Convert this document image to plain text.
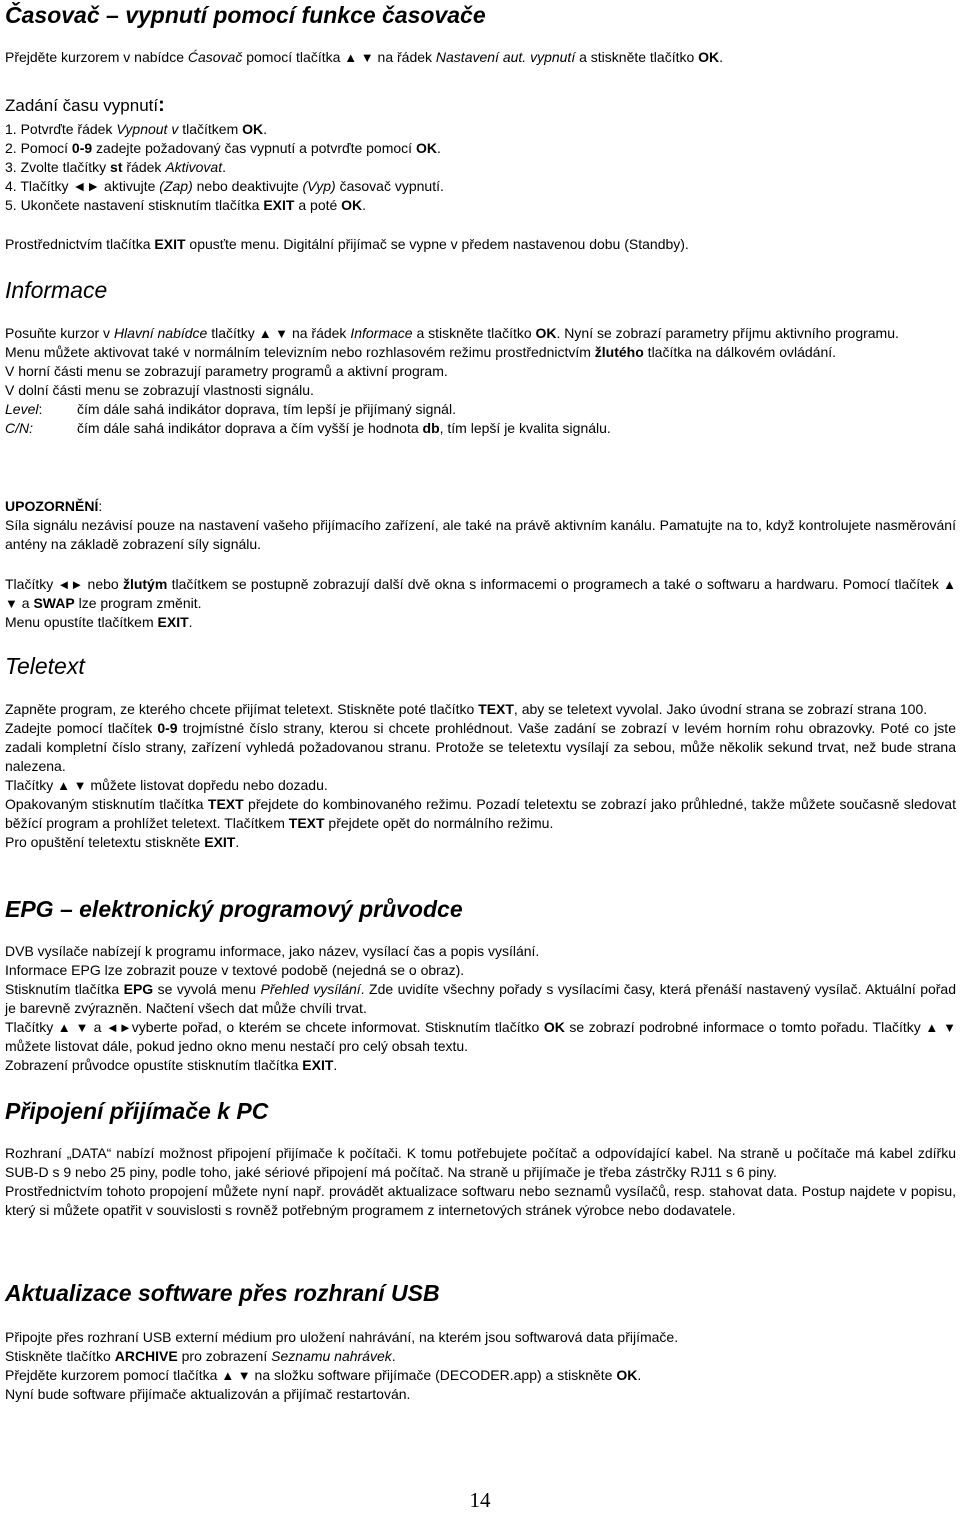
Časovač – vypnutí pomocí funkce časovače
Přejděte kurzorem v nabídce Ćasovač pomocí tlačítka ▲ ▼ na řádek Nastavení aut. vypnutí a stiskněte tlačítko OK.
Zadání času vypnutí:
1. Potvrďte řádek Vypnout v tlačítkem OK.
2. Pomocí 0-9 zadejte požadovaný čas vypnutí a potvrďte pomocí OK.
3. Zvolte tlačítky st řádek Aktivovat.
4. Tlačítky ◄► aktivujte (Zap) nebo deaktivujte (Vyp) časovač vypnutí.
5. Ukončete nastavení stisknutím tlačítka EXIT a poté OK.
Prostřednictvím tlačítka EXIT opusťte menu. Digitální přijímač se vypne v předem nastavenou dobu (Standby).
Informace
Posuňte kurzor v Hlavní nabídce tlačítky ▲ ▼ na řádek Informace a stiskněte tlačítko OK. Nyní se zobrazí parametry příjmu aktivního programu.
Menu můžete aktivovat také v normálním televizním nebo rozhlasovém režimu prostřednictvím žlutého tlačítka na dálkovém ovládání.
V horní části menu se zobrazují parametry programů a aktivní program.
V dolní části menu se zobrazují vlastnosti signálu.
Level: čím dále sahá indikátor doprava, tím lepší je přijímaný signál.
C/N:	čím dále sahá indikátor doprava a čím vyšší je hodnota db, tím lepší je kvalita signálu.
UPOZORNĚNÍ:
Síla signálu nezávisí pouze na nastavení vašeho přijímacího zařízení, ale také na právě aktivním kanálu. Pamatujte na to, když kontrolujete nasměrování antény na základě zobrazení síly signálu.
Tlačítky ◄► nebo žlutým tlačítkem se postupně zobrazují další dvě okna s informacemi o programech a také o softwaru a hardwaru. Pomocí tlačítek ▲ ▼ a SWAP lze program změnit.
Menu opustíte tlačítkem EXIT.
Teletext
Zapněte program, ze kterého chcete přijímat teletext. Stiskněte poté tlačítko TEXT, aby se teletext vyvolal. Jako úvodní strana se zobrazí strana 100.
Zadejte pomocí tlačítek 0-9 trojmístné číslo strany, kterou si chcete prohlédnout. Vaše zadání se zobrazí v levém horním rohu obrazovky. Poté co jste zadali kompletní číslo strany, zařízení vyhledá požadovanou stranu. Protože se teletextu vysílají za sebou, může několik sekund trvat, než bude strana nalezena.
Tlačítky ▲ ▼ můžete listovat dopředu nebo dozadu.
Opakovaným stisknutím tlačítka TEXT přejdete do kombinovaného režimu. Pozadí teletextu se zobrazí jako průhledné, takže můžete současně sledovat běžící program a prohlížet teletext. Tlačítkem TEXT přejdete opět do normálního režimu.
Pro opuštění teletextu stiskněte EXIT.
EPG – elektronický programový průvodce
DVB vysílače nabízejí k programu informace, jako název, vysílací čas a popis vysílání.
Informace EPG lze zobrazit pouze v textové podobě (nejedná se o obraz).
Stisknutím tlačítka EPG se vyvolá menu Přehled vysílání. Zde uvidíte všechny pořady s vysílacími časy, která přenáší nastavený vysílač. Aktuální pořad je barevně zvýrazněn. Načtení všech dat může chvíli trvat.
Tlačítky ▲ ▼ a ◄►vyberte pořad, o kterém se chcete informovat. Stisknutím tlačítko OK se zobrazí podrobné informace o tomto pořadu. Tlačítky ▲ ▼ můžete listovat dále, pokud jedno okno menu nestačí pro celý obsah textu.
Zobrazení průvodce opustíte stisknutím tlačítka EXIT.
Připojení přijímače k PC
Rozhraní „DATA“ nabízí možnost připojení přijímače k počítači. K tomu potřebujete počítač a odpovídající kabel. Na straně u počítače má kabel zdířku SUB-D s 9 nebo 25 piny, podle toho, jaké sériové připojení má počítač. Na straně u přijímače je třeba zástrčky RJ11 s 6 piny.
Prostřednictvím tohoto propojení můžete nyní např. provádět aktualizace softwaru nebo seznamů vysílačů, resp. stahovat data. Postup najdete v popisu, který si můžete opatřit v souvislosti s rovněž potřebným programem z internetových stránek výrobce nebo dodavatele.
Aktualizace software přes rozhraní USB
Připojte přes rozhraní USB externí médium pro uložení nahrávání, na kterém jsou softwarová data přijímače.
Stiskněte tlačítko ARCHIVE pro zobrazení Seznamu nahrávek.
Přejděte kurzorem pomocí tlačítka ▲ ▼ na složku software přijímače (DECODER.app) a stiskněte OK.
Nyní bude software přijímače aktualizován a přijímač restartován.
14
